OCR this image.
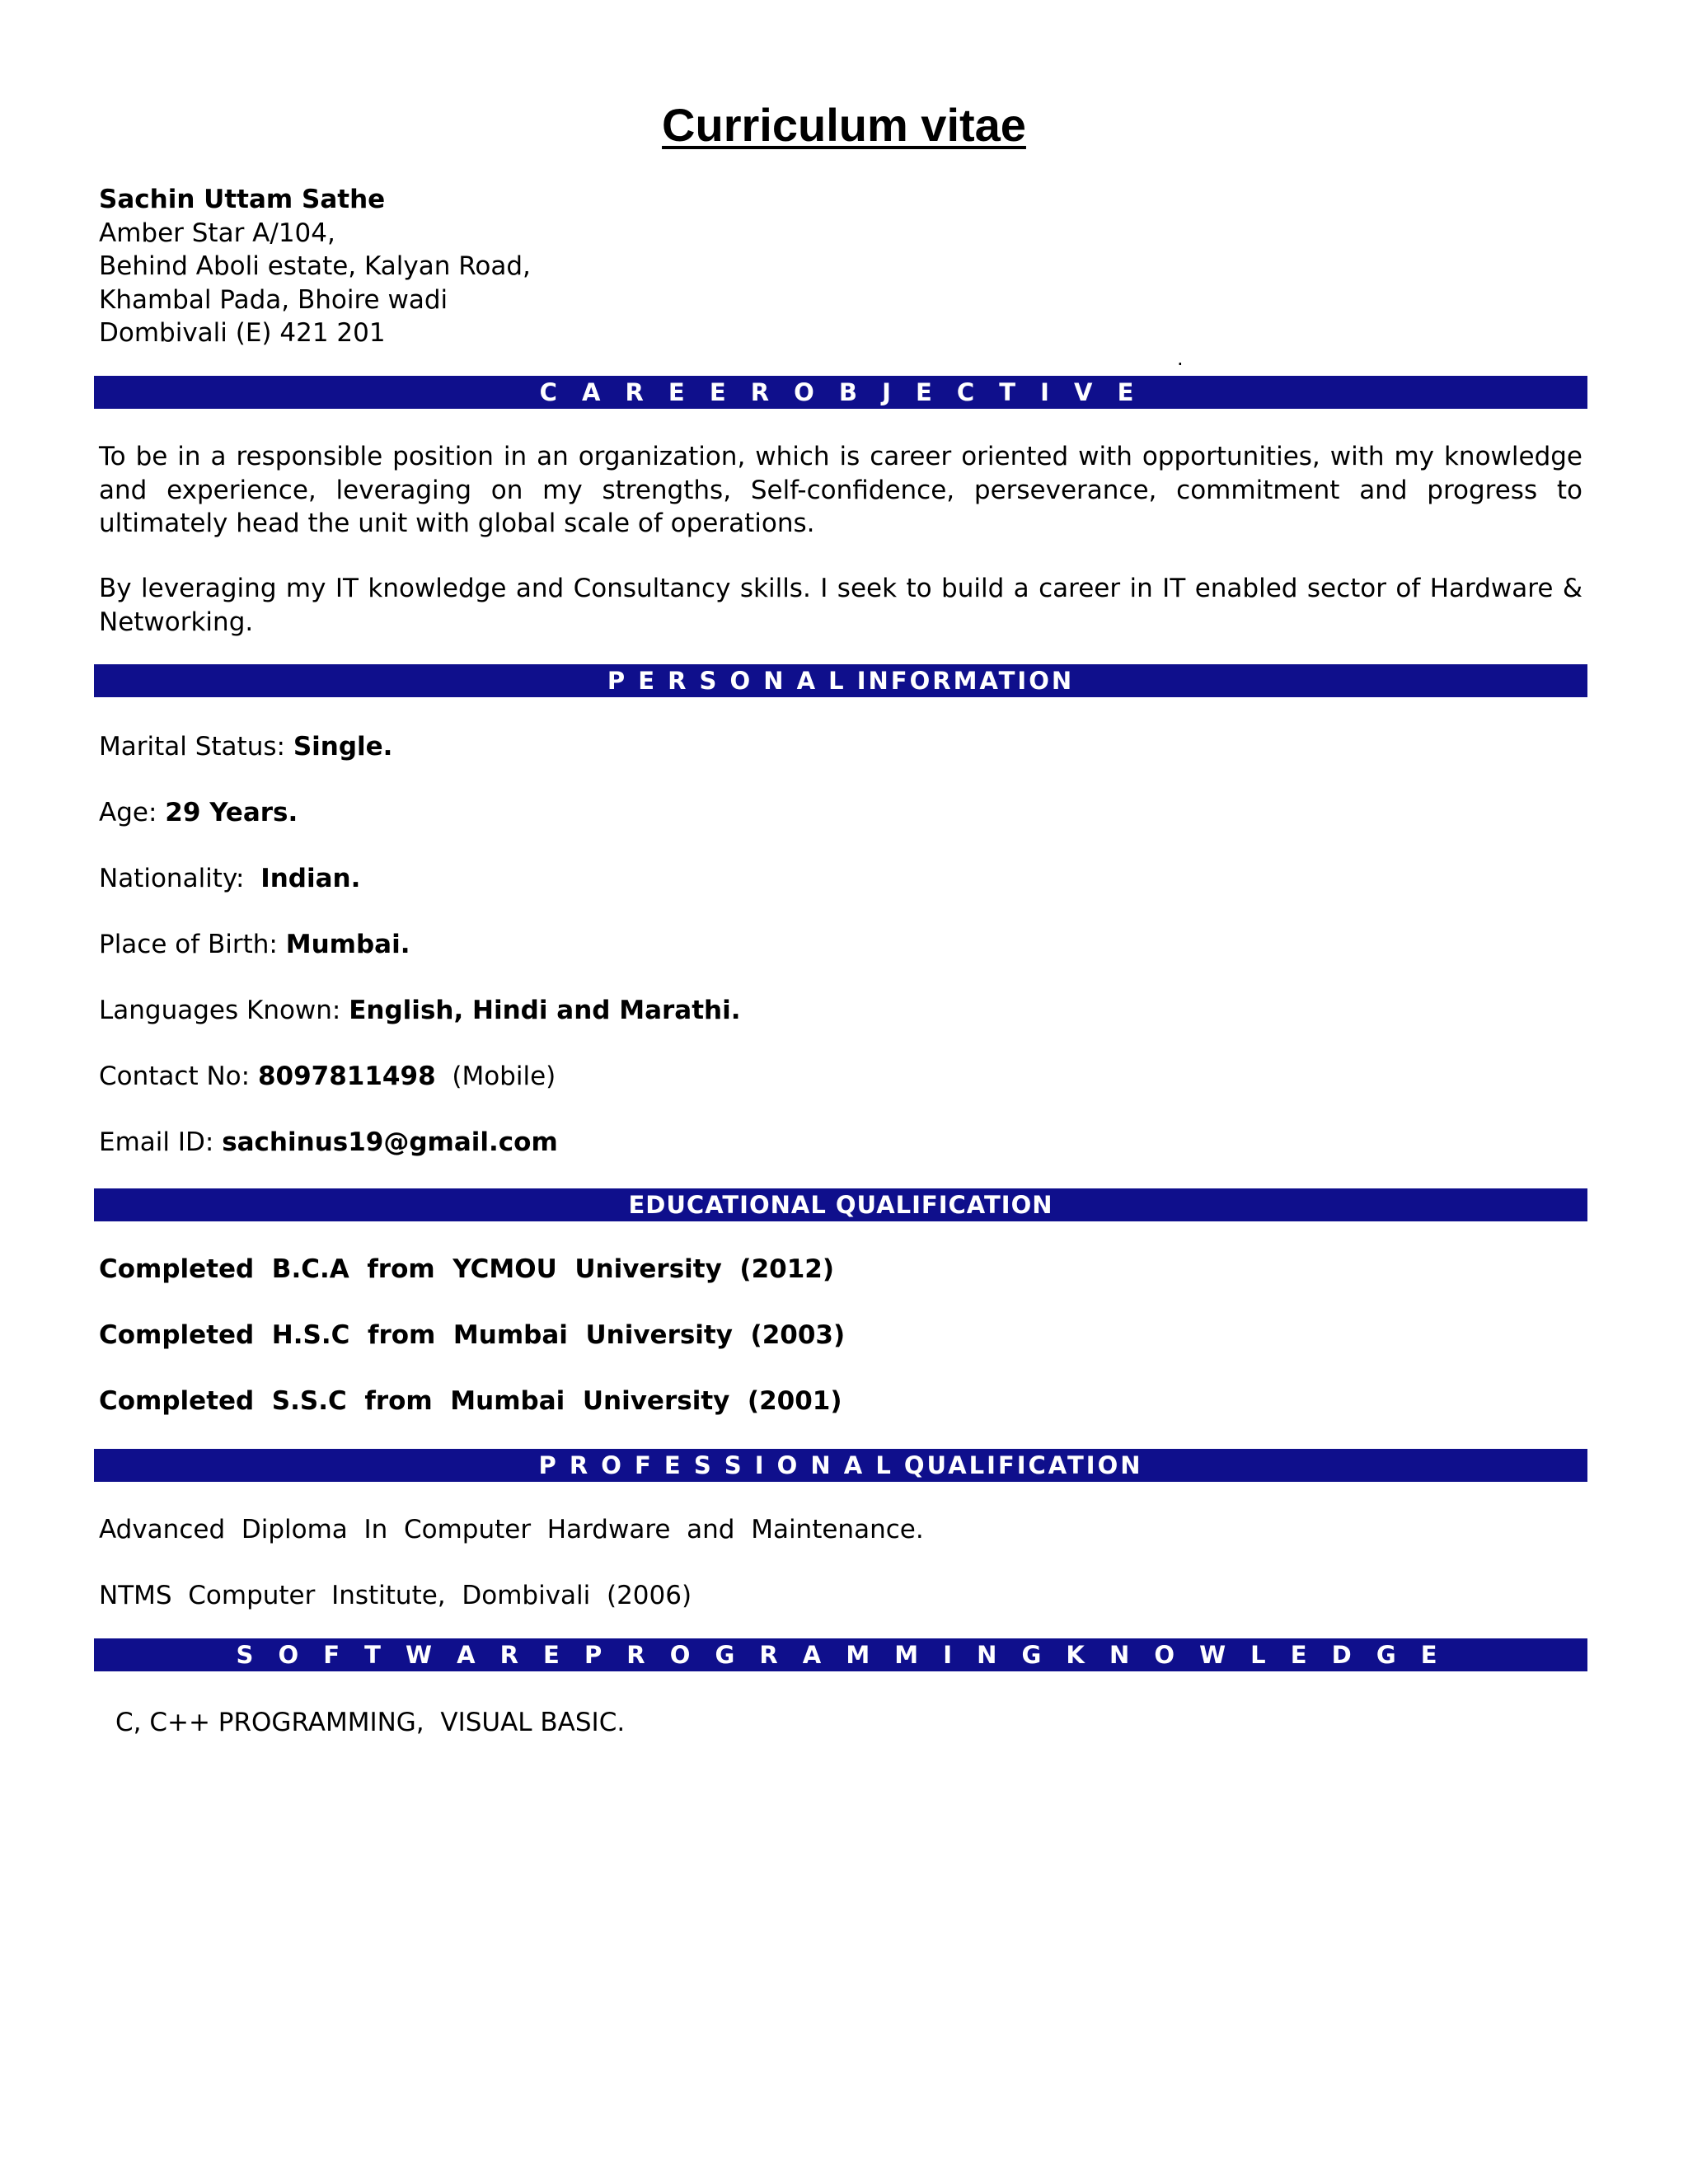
Curriculum vitae
Sachin Uttam Sathe
Amber Star A/104,
Behind Aboli estate, Kalyan Road,
Khambal Pada, Bhoire wadi
Dombivali (E) 421 201
.
C A R E E R O B J E C T I V E
To be in a responsible position in an organization, which is career oriented with opportunities, with my knowledge and experience, leveraging on my strengths, Self-confidence, perseverance, commitment and progress to ultimately head the unit with global scale of operations.
By leveraging my IT knowledge and Consultancy skills. I seek to build a career in IT enabled sector of Hardware & Networking.
P E R S O N A L INFORMATION
Marital Status: Single.
Age: 29 Years.
Nationality: Indian.
Place of Birth: Mumbai.
Languages Known: English, Hindi and Marathi.
Contact No: 8097811498 (Mobile)
Email ID: sachinus19@gmail.com
EDUCATIONAL QUALIFICATION
Completed  B.C.A  from  YCMOU  University  (2012)
Completed  H.S.C  from  Mumbai  University  (2003)
Completed  S.S.C  from  Mumbai  University  (2001)
P R O F E S S I O N A L QUALIFICATION
Advanced  Diploma  In  Computer  Hardware  and  Maintenance.
NTMS  Computer  Institute,  Dombivali  (2006)
S O F T W A R E P R O G R A M M I N G K N O W L E D G E
C, C++ PROGRAMMING,  VISUAL BASIC.
